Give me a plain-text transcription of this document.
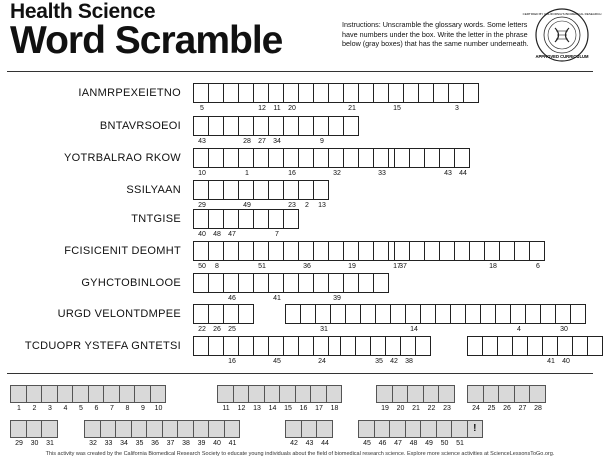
Health Science
Word Scramble	Instructions: Unscramble the glossary words. Some letters have numbers under the box. Write the letter in the phrase below (gray boxes) that has the same number underneath.
CERTIFIED BY CALIFORNIA'S BIOMEDICAL RESEARCH
APPROVED CURRICULUM
IANMRPEXEIETNO
5	12	11	20	21	15	3
BNTAVRSOEOI
43	28	27	34	9
YOTRBALRAO RKOW
10	1	16	32	33	43	44
SSILYAAN
29	49	23	2	13
TNTGISE
40	48	47	7
FCISICENIT DEOMHT
50	8	51	36	19	17
37	18	6
GYHCTOBINLOOE
46	41	39
URGD VELONTDMPEE
22	26	25	31	14	4	30
TCDUOPR YSTEFA GNTETSI
16	45	24	35	42	38	41	40
1	2	3	4	5	6	7	8	9	10	11	12	13	14	15	16	17	18	19	20	21	22	23	24	25	26	27	28
29	30	31	32	33	34	35	36	37	38	39	40	41	42	43	44	45	46	47	48	49	50	51
!
This activity was created by the California Biomedical Research Society to educate young individuals about the field of biomedical research science. Explore more science activities at ScienceLessonsToGo.org.
